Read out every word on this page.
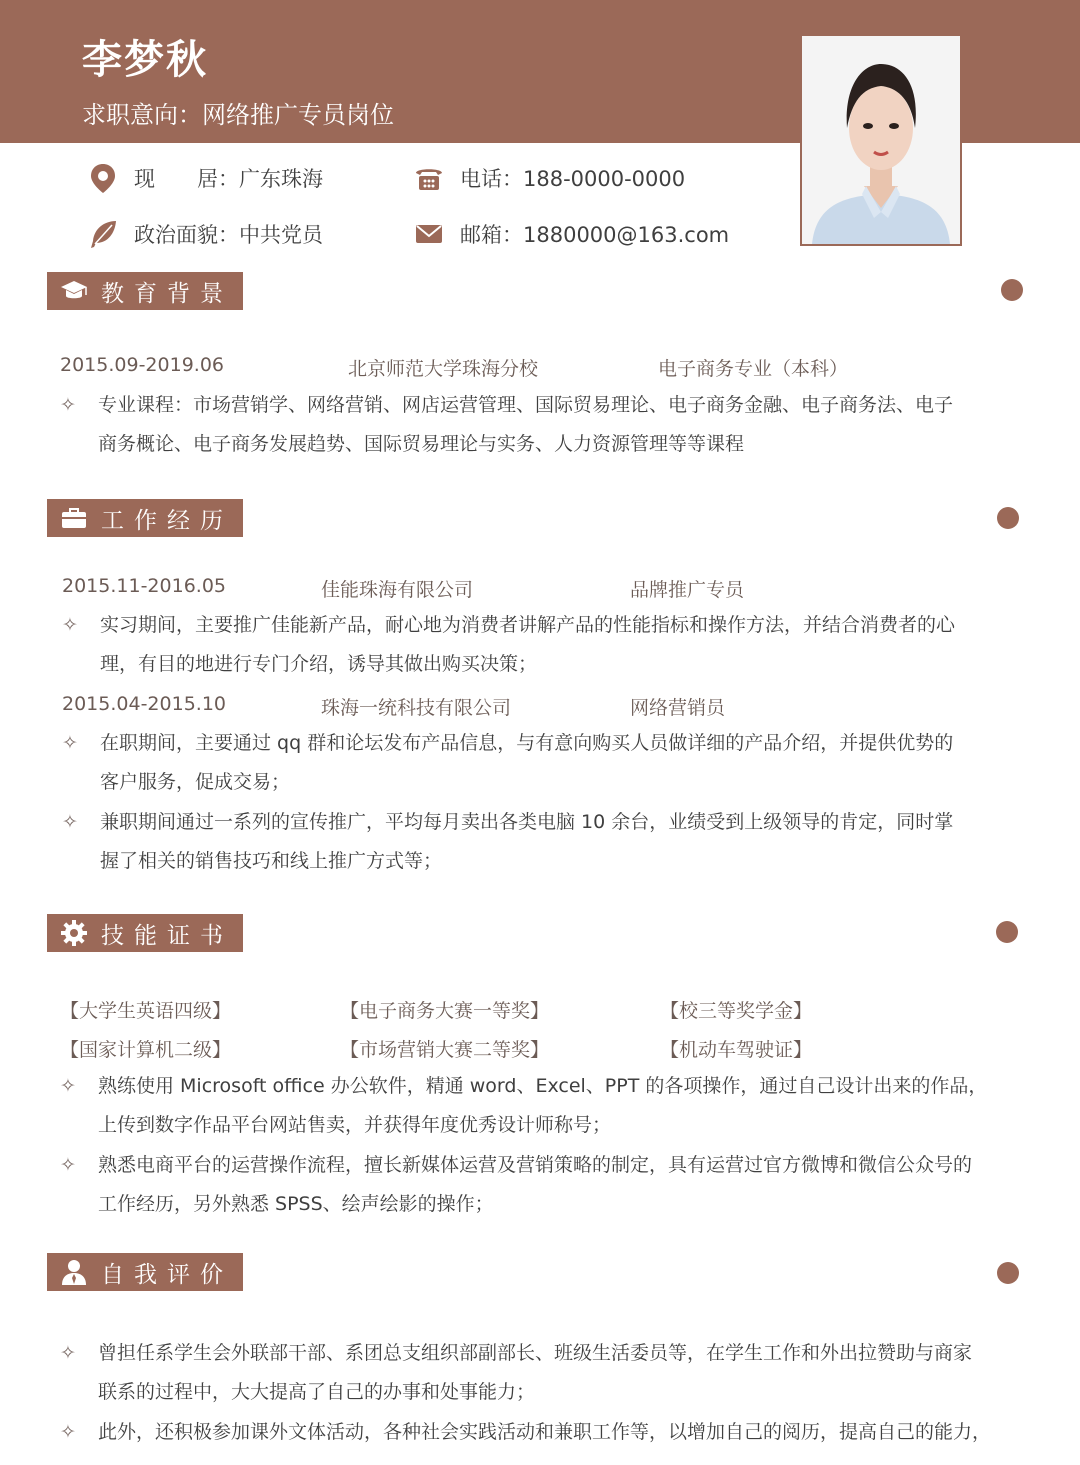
李梦秋
求职意向：网络推广专员岗位
现　　居：广东珠海	电话：188-0000-0000
政治面貌：中共党员	邮箱：1880000@163.com
教育背景
2015.09-2019.06	北京师范大学珠海分校	电子商务专业（本科）
✧ 专业课程：市场营销学、网络营销、网店运营管理、国际贸易理论、电子商务金融、电子商务法、电子
商务概论、电子商务发展趋势、国际贸易理论与实务、人力资源管理等等课程
工作经历
2015.11-2016.05	佳能珠海有限公司	品牌推广专员
✧ 实习期间，主要推广佳能新产品，耐心地为消费者讲解产品的性能指标和操作方法，并结合消费者的心
理，有目的地进行专门介绍，诱导其做出购买决策；
2015.04-2015.10	珠海一统科技有限公司	网络营销员
✧ 在职期间，主要通过 qq 群和论坛发布产品信息，与有意向购买人员做详细的产品介绍，并提供优势的
客户服务，促成交易；
✧ 兼职期间通过一系列的宣传推广，平均每月卖出各类电脑 10 余台，业绩受到上级领导的肯定，同时掌
握了相关的销售技巧和线上推广方式等；
技能证书
【大学生英语四级】	【电子商务大赛一等奖】	【校三等奖学金】
【国家计算机二级】	【市场营销大赛二等奖】	【机动车驾驶证】
✧ 熟练使用 Microsoft office 办公软件，精通 word、Excel、PPT 的各项操作，通过自己设计出来的作品，
上传到数字作品平台网站售卖，并获得年度优秀设计师称号；
✧ 熟悉电商平台的运营操作流程，擅长新媒体运营及营销策略的制定，具有运营过官方微博和微信公众号的
工作经历，另外熟悉 SPSS、绘声绘影的操作；
自我评价
✧ 曾担任系学生会外联部干部、系团总支组织部副部长、班级生活委员等，在学生工作和外出拉赞助与商家
联系的过程中，大大提高了自己的办事和处事能力；
✧ 此外，还积极参加课外文体活动，各种社会实践活动和兼职工作等，以增加自己的阅历，提高自己的能力，
